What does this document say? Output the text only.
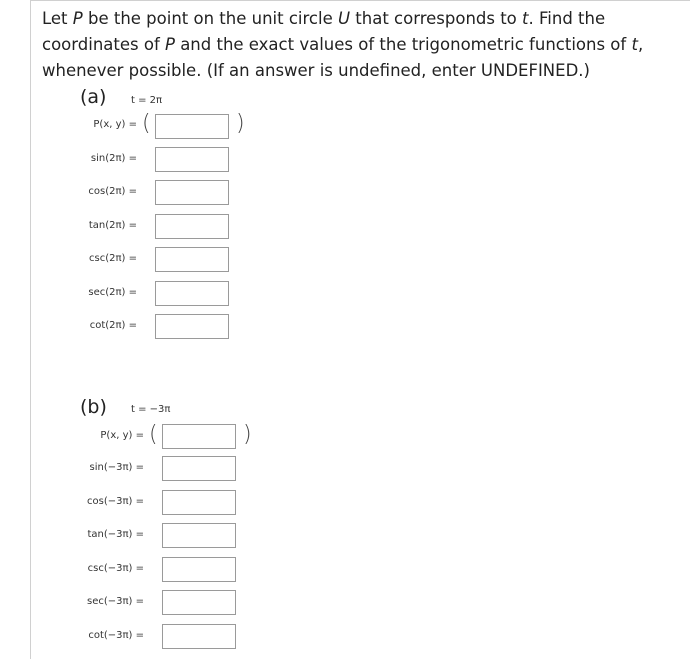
Let P be the point on the unit circle U that corresponds to t. Find the
coordinates of P and the exact values of the trigonometric functions of t,
whenever possible. (If an answer is undefined, enter UNDEFINED.)
(a) t = 2π
P(x, y) = (	)
sin(2π) =
cos(2π) =
tan(2π) =
csc(2π) =
sec(2π) =
cot(2π) =
(b) t = −3π
P(x, y) = (	)
sin(−3π) =
cos(−3π) =
tan(−3π) =
csc(−3π) =
sec(−3π) =
cot(−3π) =
